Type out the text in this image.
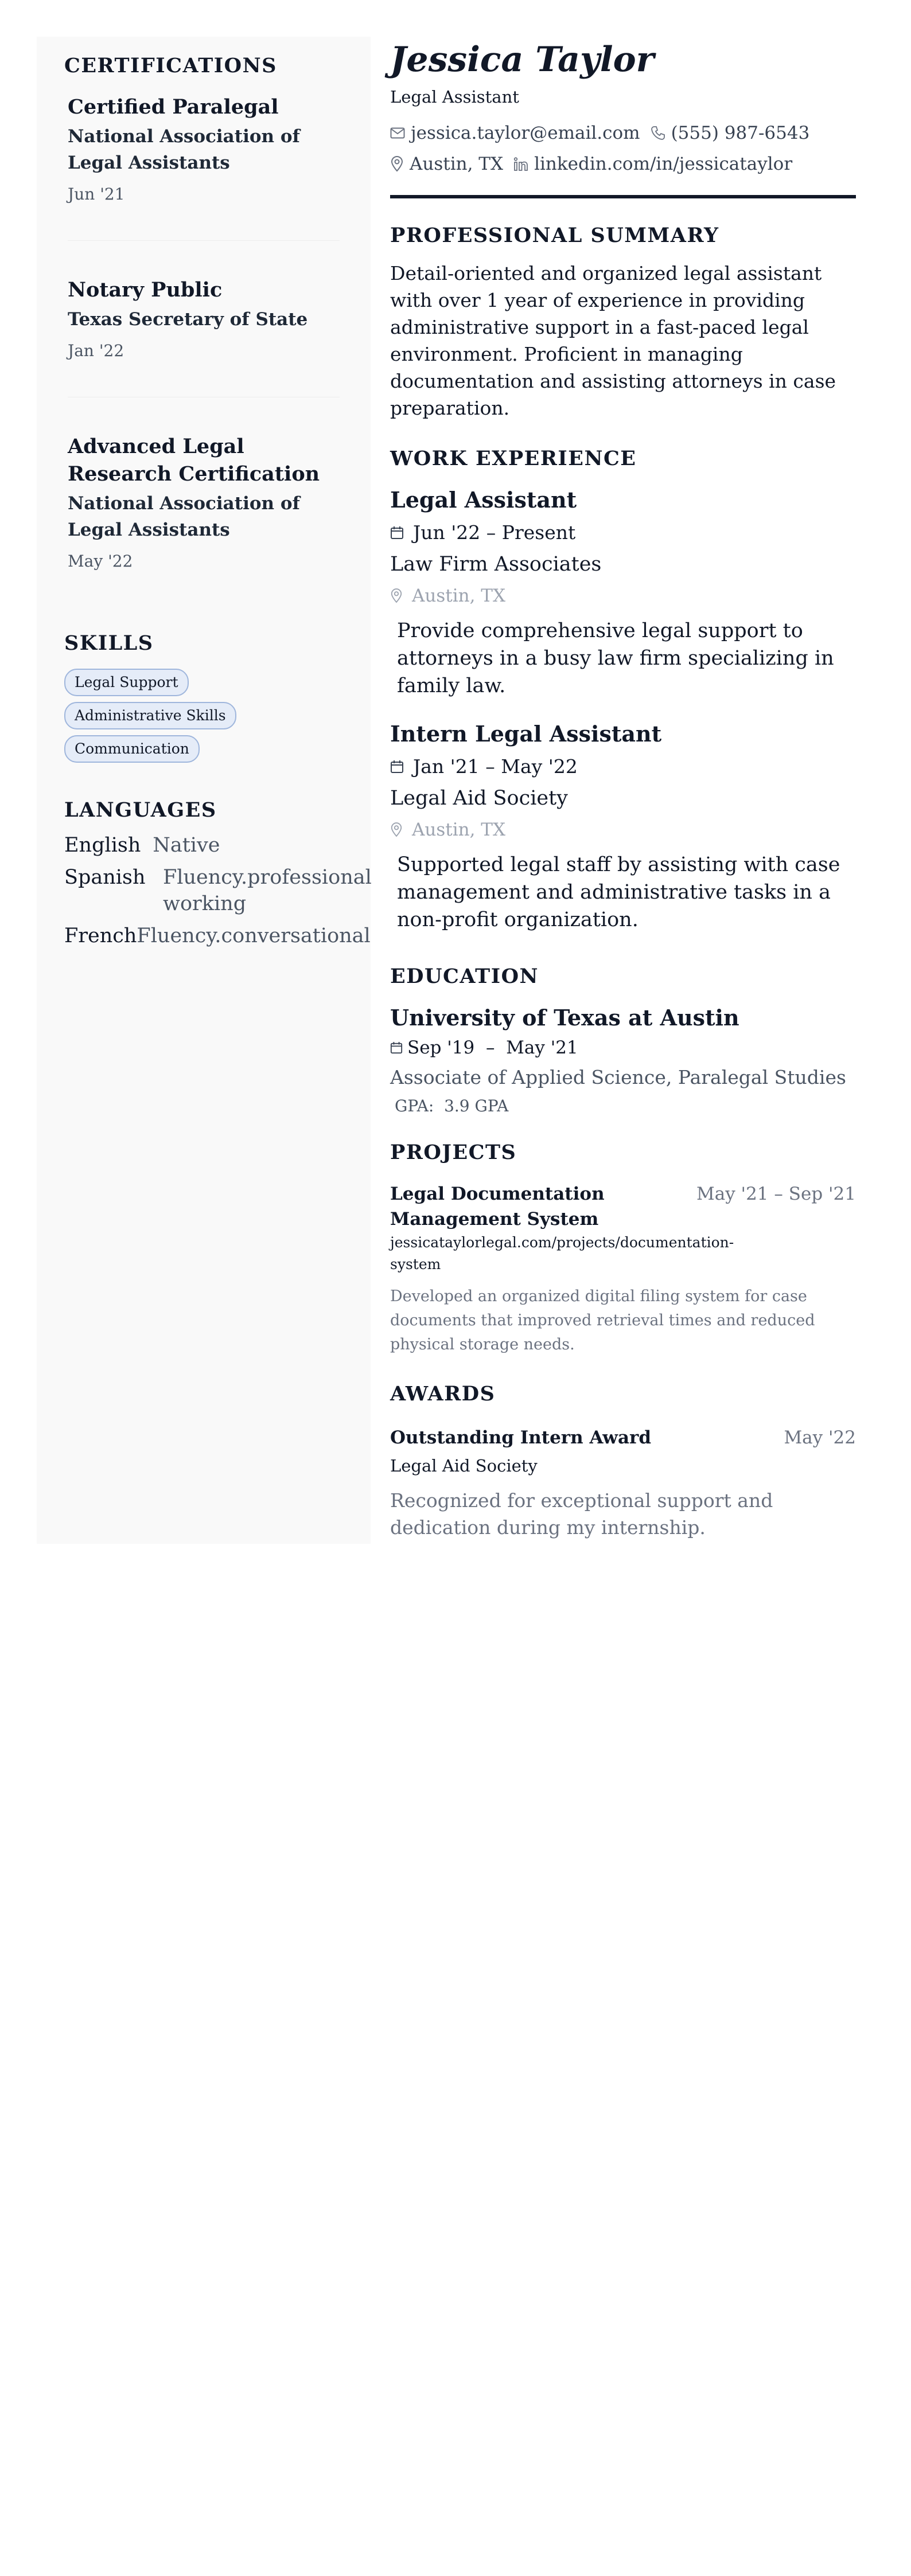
CERTIFICATIONS
Certified Paralegal
National Association of Legal Assistants
Jun '21
Notary Public
Texas Secretary of State
Jan '22
Advanced Legal Research Certification
National Association of Legal Assistants
May '22
SKILLS
Legal Support
Administrative Skills
Communication
LANGUAGES
English Native
Spanish Fluency.professional working
French Fluency.conversational
Jessica Taylor
Legal Assistant
jessica.taylor@email.com (555) 987-6543
Austin, TX linkedin.com/in/jessicataylor
PROFESSIONAL SUMMARY

Detail-oriented and organized legal assistant with over 1 year of experience in providing administrative support in a fast-paced legal environment. Proficient in managing documentation and assisting attorneys in case preparation.

WORK EXPERIENCE
Legal Assistant
Jun '22 – Present
Law Firm Associates
Austin, TX

Provide comprehensive legal support to attorneys in a busy law firm specializing in family law.

Intern Legal Assistant
Jan '21 – May '22
Legal Aid Society
Austin, TX

Supported legal staff by assisting with case management and administrative tasks in a non-profit organization.

EDUCATION
University of Texas at Austin
Sep '19  –  May '21
Associate of Applied Science, Paralegal Studies
GPA:  3.9 GPA
PROJECTS
Legal Documentation Management System
May '21 – Sep '21
jessicataylorlegal.com/projects/documentation-system

Developed an organized digital filing system for case documents that improved retrieval times and reduced physical storage needs.

AWARDS
Outstanding Intern Award	May '22
Legal Aid Society

Recognized for exceptional support and dedication during my internship.
